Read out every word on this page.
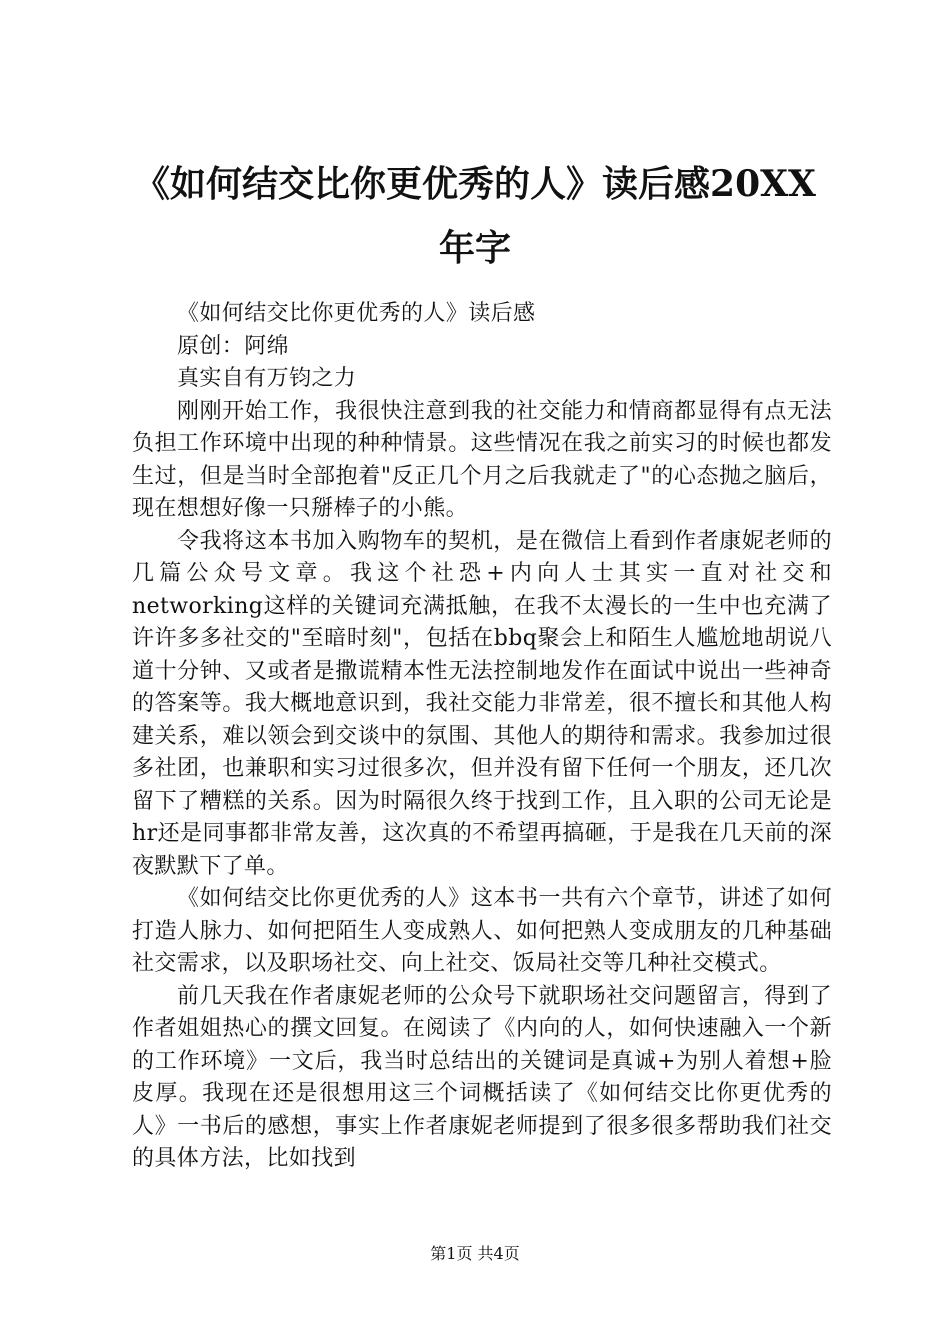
《如何结交比你更优秀的人》读后感20XX年字

《如何结交比你更优秀的人》读后感

原创：阿绵

真实自有万钧之力

刚刚开始工作，我很快注意到我的社交能力和情商都显得有点无法负担工作环境中出现的种种情景。这些情况在我之前实习的时候也都发生过，但是当时全部抱着"反正几个月之后我就走了"的心态抛之脑后，现在想想好像一只掰棒子的小熊。

令我将这本书加入购物车的契机，是在微信上看到作者康妮老师的几篇公众号文章。我这个社恐+内向人士其实一直对社交和networking这样的关键词充满抵触，在我不太漫长的一生中也充满了许许多多社交的"至暗时刻"，包括在bbq聚会上和陌生人尴尬地胡说八道十分钟、又或者是撒谎精本性无法控制地发作在面试中说出一些神奇的答案等。我大概地意识到，我社交能力非常差，很不擅长和其他人构建关系，难以领会到交谈中的氛围、其他人的期待和需求。我参加过很多社团，也兼职和实习过很多次，但并没有留下任何一个朋友，还几次留下了糟糕的关系。因为时隔很久终于找到工作，且入职的公司无论是hr还是同事都非常友善，这次真的不希望再搞砸，于是我在几天前的深夜默默下了单。

《如何结交比你更优秀的人》这本书一共有六个章节，讲述了如何打造人脉力、如何把陌生人变成熟人、如何把熟人变成朋友的几种基础社交需求，以及职场社交、向上社交、饭局社交等几种社交模式。

前几天我在作者康妮老师的公众号下就职场社交问题留言，得到了作者姐姐热心的撰文回复。在阅读了《内向的人，如何快速融入一个新的工作环境》一文后，我当时总结出的关键词是真诚+为别人着想+脸皮厚。我现在还是很想用这三个词概括读了《如何结交比你更优秀的人》一书后的感想，事实上作者康妮老师提到了很多很多帮助我们社交的具体方法，比如找到

第1页 共4页
